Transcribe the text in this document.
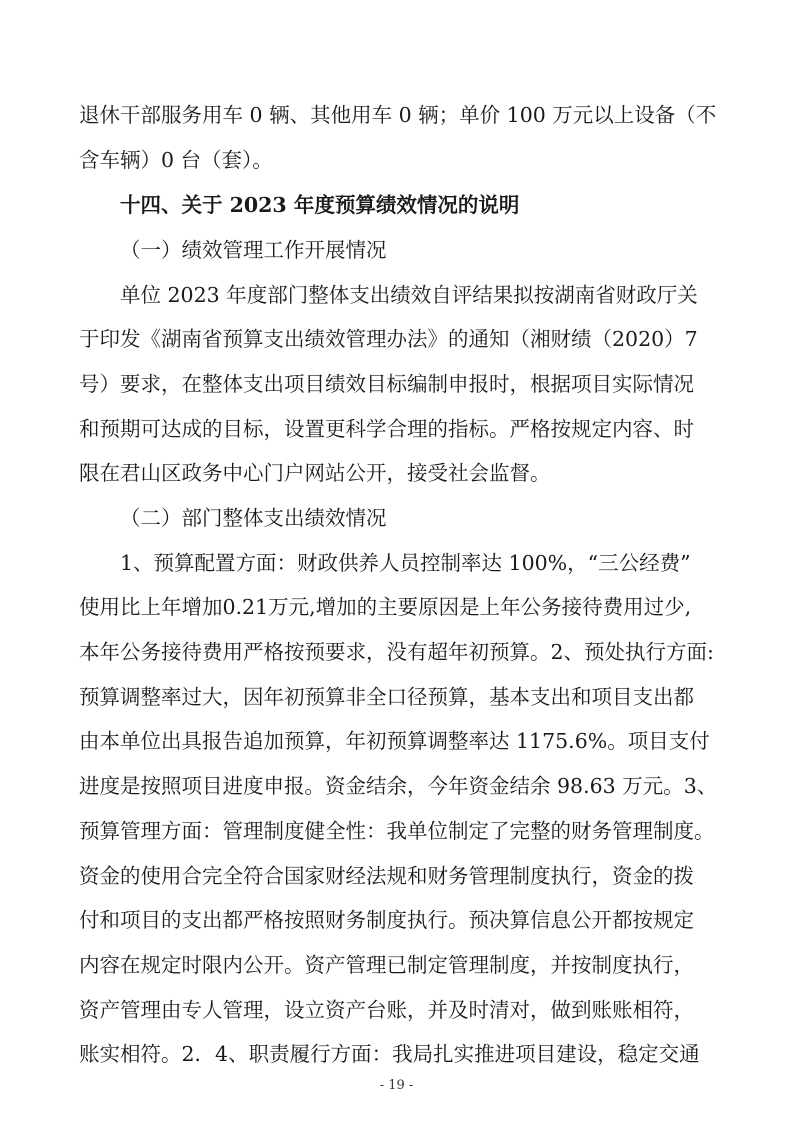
退休干部服务用车 0 辆、其他用车 0 辆；单价 100 万元以上设备（不
含车辆）0 台（套）。
十四、关于 2023 年度预算绩效情况的说明
（一）绩效管理工作开展情况
单位 2023 年度部门整体支出绩效自评结果拟按湖南省财政厅关
于印发《湖南省预算支出绩效管理办法》的通知（湘财绩（2020）7
号）要求，在整体支出项目绩效目标编制申报时，根据项目实际情况
和预期可达成的目标，设置更科学合理的指标。严格按规定内容、时
限在君山区政务中心门户网站公开，接受社会监督。
（二）部门整体支出绩效情况
1、预算配置方面：财政供养人员控制率达 100%，“三公经费”
使用比上年增加0.21万元,增加的主要原因是上年公务接待费用过少,
本年公务接待费用严格按预要求，没有超年初预算。2、预处执行方面:
预算调整率过大，因年初预算非全口径预算，基本支出和项目支出都
由本单位出具报告追加预算，年初预算调整率达 1175.6%。项目支付
进度是按照项目进度申报。资金结余，今年资金结余 98.63 万元。3、
预算管理方面：管理制度健全性：我单位制定了完整的财务管理制度。
资金的使用合完全符合国家财经法规和财务管理制度执行，资金的拨
付和项目的支出都严格按照财务制度执行。预决算信息公开都按规定
内容在规定时限内公开。资产管理已制定管理制度，并按制度执行，
资产管理由专人管理，设立资产台账，并及时清对，做到账账相符，
账实相符。2．4、职责履行方面：我局扎实推进项目建设，稳定交通
- 19 -
